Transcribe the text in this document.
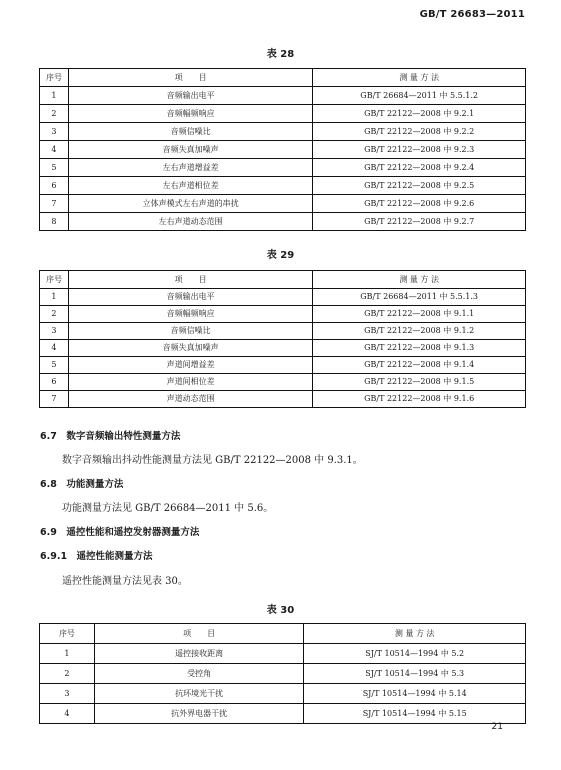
GB/T 26683—2011
表 28
序号	项　　目	测 量 方 法
1	音频输出电平	GB/T 26684—2011 中 5.5.1.2
2	音频幅频响应	GB/T 22122—2008 中 9.2.1
3	音频信噪比	GB/T 22122—2008 中 9.2.2
4	音频失真加噪声	GB/T 22122—2008 中 9.2.3
5	左右声道增益差	GB/T 22122—2008 中 9.2.4
6	左右声道相位差	GB/T 22122—2008 中 9.2.5
7	立体声模式左右声道的串扰	GB/T 22122—2008 中 9.2.6
8	左右声道动态范围	GB/T 22122—2008 中 9.2.7
表 29
序号	项　　目	测 量 方 法
1	音频输出电平	GB/T 26684—2011 中 5.5.1.3
2	音频幅频响应	GB/T 22122—2008 中 9.1.1
3	音频信噪比	GB/T 22122—2008 中 9.1.2
4	音频失真加噪声	GB/T 22122—2008 中 9.1.3
5	声道间增益差	GB/T 22122—2008 中 9.1.4
6	声道间相位差	GB/T 22122—2008 中 9.1.5
7	声道动态范围	GB/T 22122—2008 中 9.1.6
6.7　数字音频输出特性测量方法
数字音频输出抖动性能测量方法见 GB/T 22122—2008 中 9.3.1。
6.8　功能测量方法
功能测量方法见 GB/T 26684—2011 中 5.6。
6.9　遥控性能和遥控发射器测量方法
6.9.1　遥控性能测量方法
遥控性能测量方法见表 30。
表 30
序号	项　　目	测 量 方 法
1	遥控接收距离	SJ/T 10514—1994 中 5.2
2	受控角	SJ/T 10514—1994 中 5.3
3	抗环境光干扰	SJ/T 10514—1994 中 5.14
4	抗外界电器干扰	SJ/T 10514—1994 中 5.15
21
